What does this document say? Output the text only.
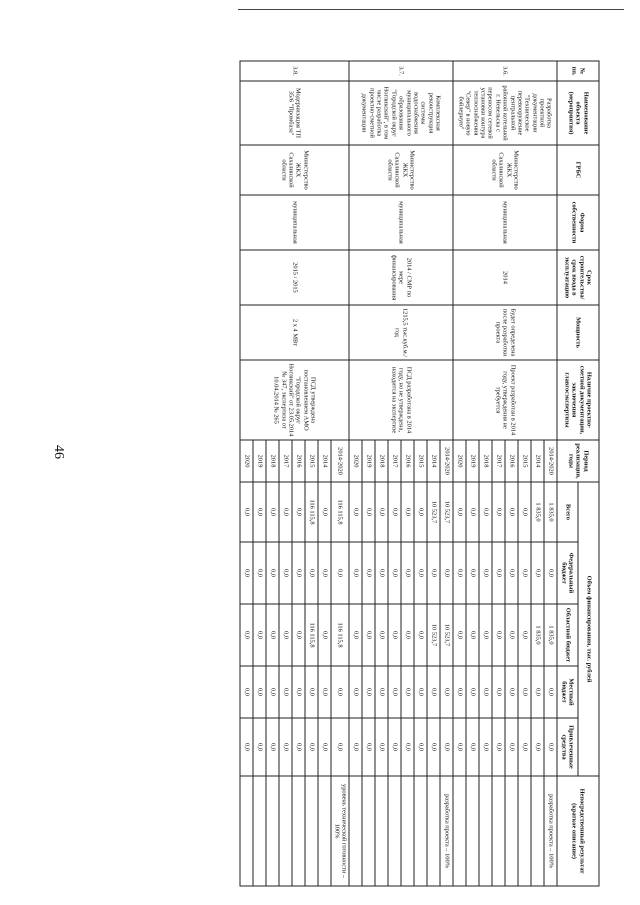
46
№ пп.	Наименование объекта (мероприятия)	ГРБС	Форма собственности	Срок строительства/ срок ввода в эксплуатацию	Мощность	Наличие проектно-сметной документации, заключения главгосэкспертизы	Период реализации, годы	Объем финансирования, тыс. рублей					Непосредственный результат (краткое описание)
								Всего	Федеральный бюджет	Областной бюджет	Местный бюджет	Привлеченные средства	
3.6.	Разработка проектной документации "Техническое перевооружение центральной районной котельной г. Невельска с переносом сетевой установки контура теплоснабжения "Север" в новую бойлерную"	Министерство ЖКХ Сахалинской области	муниципальная	2014	Будет определена после разработки проекта	Проект разработан в 2014 году, утверждения не требуется	2014-2020	1 835,0	0,0	1 835,0	0,0	0,0	разработка проекта – 100%
							2014	1 835,0	0,0	1 835,0	0,0	0,0	
							2015	0,0	0,0	0,0	0,0	0,0	
							2016	0,0	0,0	0,0	0,0	0,0	
							2017	0,0	0,0	0,0	0,0	0,0	
							2018	0,0	0,0	0,0	0,0	0,0	
							2019	0,0	0,0	0,0	0,0	0,0	
							2020	0,0	0,0	0,0	0,0	0,0	
3.7.	Комплексная реконструкция системы водоснабжения муниципального образования "Городской округ Ногликский", в том числе разработка проектно-сметной документации	Министерство ЖКХ Сахалинской области	муниципальная	2014 / СМР по мере финансирования	1215,5 тыс.куб.м./год	ПСД разработана в 2014 году, но не утверждена, находится на экспертизе	2014-2020	10 523,7	0,0	10 523,7	0,0	0,0	разработка проекта – 100%
							2014	10 523,7	0,0	10 523,7	0,0	0,0	
							2015	0,0	0,0	0,0	0,0	0,0	
							2016	0,0	0,0	0,0	0,0	0,0	
							2017	0,0	0,0	0,0	0,0	0,0	
							2018	0,0	0,0	0,0	0,0	0,0	
							2019	0,0	0,0	0,0	0,0	0,0	
							2020	0,0	0,0	0,0	0,0	0,0	
3.8.	Модернизация ТП 35/6 "Промбаза"	Министерство ЖКХ Сахалинской области	муниципальная	2015 / 2015	2 х 4 МВт	ПСД утверждена постановлением АМО "Городской округ Ногликский" от 23.05.2014 № 347, экспертиза от 10.04.2014 № 265	2014-2020	116 115,8	0,0	116 115,8	0,0	0,0	уровень технической готовности – 100%
							2014	0,0	0,0	0,0	0,0	0,0	
							2015	116 115,8	0,0	116 115,8	0,0	0,0	
							2016	0,0	0,0	0,0	0,0	0,0	
							2017	0,0	0,0	0,0	0,0	0,0	
							2018	0,0	0,0	0,0	0,0	0,0	
							2019	0,0	0,0	0,0	0,0	0,0	
							2020	0,0	0,0	0,0	0,0	0,0	
